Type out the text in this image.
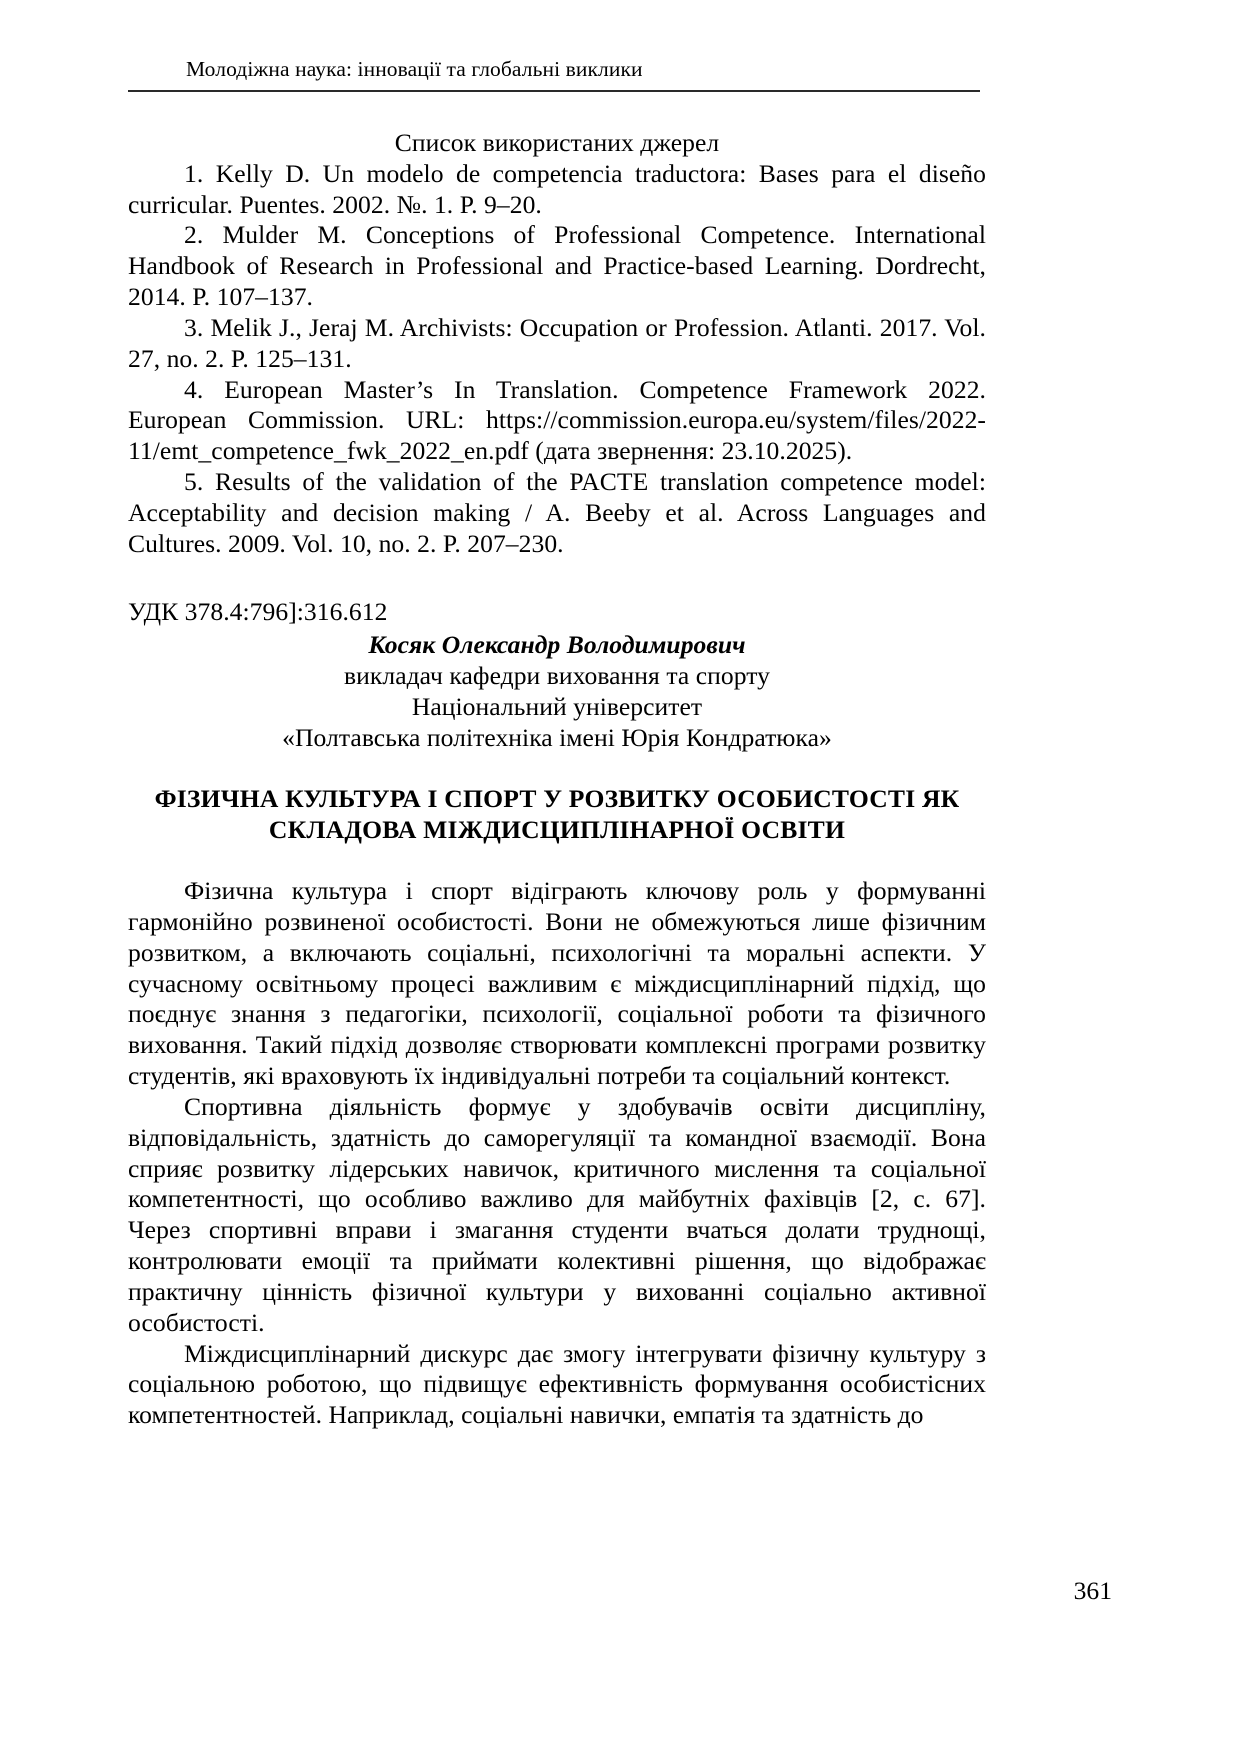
Молодіжна наука: інновації та глобальні виклики

Список використаних джерел

1. Kelly D. Un modelo de competencia traductora: Bases para el diseño curricular. Puentes. 2002. №. 1. P. 9–20.

2. Mulder M. Conceptions of Professional Competence. International Handbook of Research in Professional and Practice-based Learning. Dordrecht, 2014. P. 107–137.

3. Melik J., Jeraj M. Archivists: Occupation or Profession. Atlanti. 2017. Vol. 27, no. 2. P. 125–131.

4. European Master’s In Translation. Competence Framework 2022. European Commission. URL: https://commission.europa.eu/system/files/2022-11/emt_competence_fwk_2022_en.pdf (дата звернення: 23.10.2025).

5. Results of the validation of the PACTE translation competence model: Acceptability and decision making / A. Beeby et al. Across Languages and Cultures. 2009. Vol. 10, no. 2. P. 207–230.

УДК 378.4:796]:316.612

Косяк Олександр Володимирович

викладач кафедри виховання та спорту

Національний університет

«Полтавська політехніка імені Юрія Кондратюка»

ФІЗИЧНА КУЛЬТУРА І СПОРТ У РОЗВИТКУ ОСОБИСТОСТІ ЯК СКЛАДОВА МІЖДИСЦИПЛІНАРНОЇ ОСВІТИ

Фізична культура і спорт відіграють ключову роль у формуванні гармонійно розвиненої особистості. Вони не обмежуються лише фізичним розвитком, а включають соціальні, психологічні та моральні аспекти. У сучасному освітньому процесі важливим є міждисциплінарний підхід, що поєднує знання з педагогіки, психології, соціальної роботи та фізичного виховання. Такий підхід дозволяє створювати комплексні програми розвитку студентів, які враховують їх індивідуальні потреби та соціальний контекст.

Спортивна діяльність формує у здобувачів освіти дисципліну, відповідальність, здатність до саморегуляції та командної взаємодії. Вона сприяє розвитку лідерських навичок, критичного мислення та соціальної компетентності, що особливо важливо для майбутніх фахівців [2, с. 67]. Через спортивні вправи і змагання студенти вчаться долати труднощі, контролювати емоції та приймати колективні рішення, що відображає практичну цінність фізичної культури у вихованні соціально активної особистості.

Міждисциплінарний дискурс дає змогу інтегрувати фізичну культуру з соціальною роботою, що підвищує ефективність формування особистісних компетентностей. Наприклад, соціальні навички, емпатія та здатність до

361
